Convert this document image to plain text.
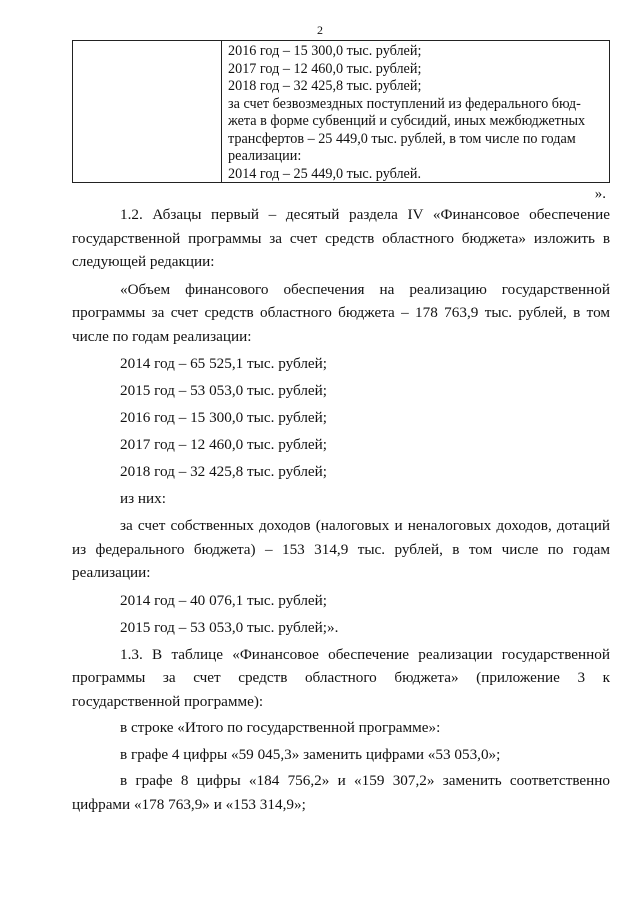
2
2016 год – 15 300,0 тыс. рублей;
2017 год – 12 460,0 тыс. рублей;
2018 год – 32 425,8 тыс. рублей;
за счет безвозмездных поступлений из федерального бюд-
жета в форме субвенций и субсидий, иных межбюджетных
трансфертов – 25 449,0 тыс. рублей, в том числе по годам
реализации:
2014 год – 25 449,0 тыс. рублей.
».

1.2. Абзацы первый – десятый раздела IV «Финансовое обеспечение государственной программы за счет средств областного бюджета» изложить в следующей редакции:

«Объем финансового обеспечения на реализацию государственной программы за счет средств областного бюджета – 178 763,9 тыс. рублей, в том числе по годам реализации:

2014 год – 65 525,1 тыс. рублей;

2015 год – 53 053,0 тыс. рублей;

2016 год – 15 300,0 тыс. рублей;

2017 год – 12 460,0 тыс. рублей;

2018 год – 32 425,8 тыс. рублей;

из них:

за счет собственных доходов (налоговых и неналоговых доходов, дотаций из федерального бюджета) – 153 314,9 тыс. рублей, в том числе по годам реализации:

2014 год – 40 076,1 тыс. рублей;

2015 год – 53 053,0 тыс. рублей;».

1.3. В таблице «Финансовое обеспечение реализации государственной программы за счет средств областного бюджета» (приложение 3 к государственной программе):

в строке «Итого по государственной программе»:

в графе 4 цифры «59 045,3» заменить цифрами «53 053,0»;

в графе 8 цифры «184 756,2» и «159 307,2» заменить соответственно цифрами «178 763,9» и «153 314,9»;
